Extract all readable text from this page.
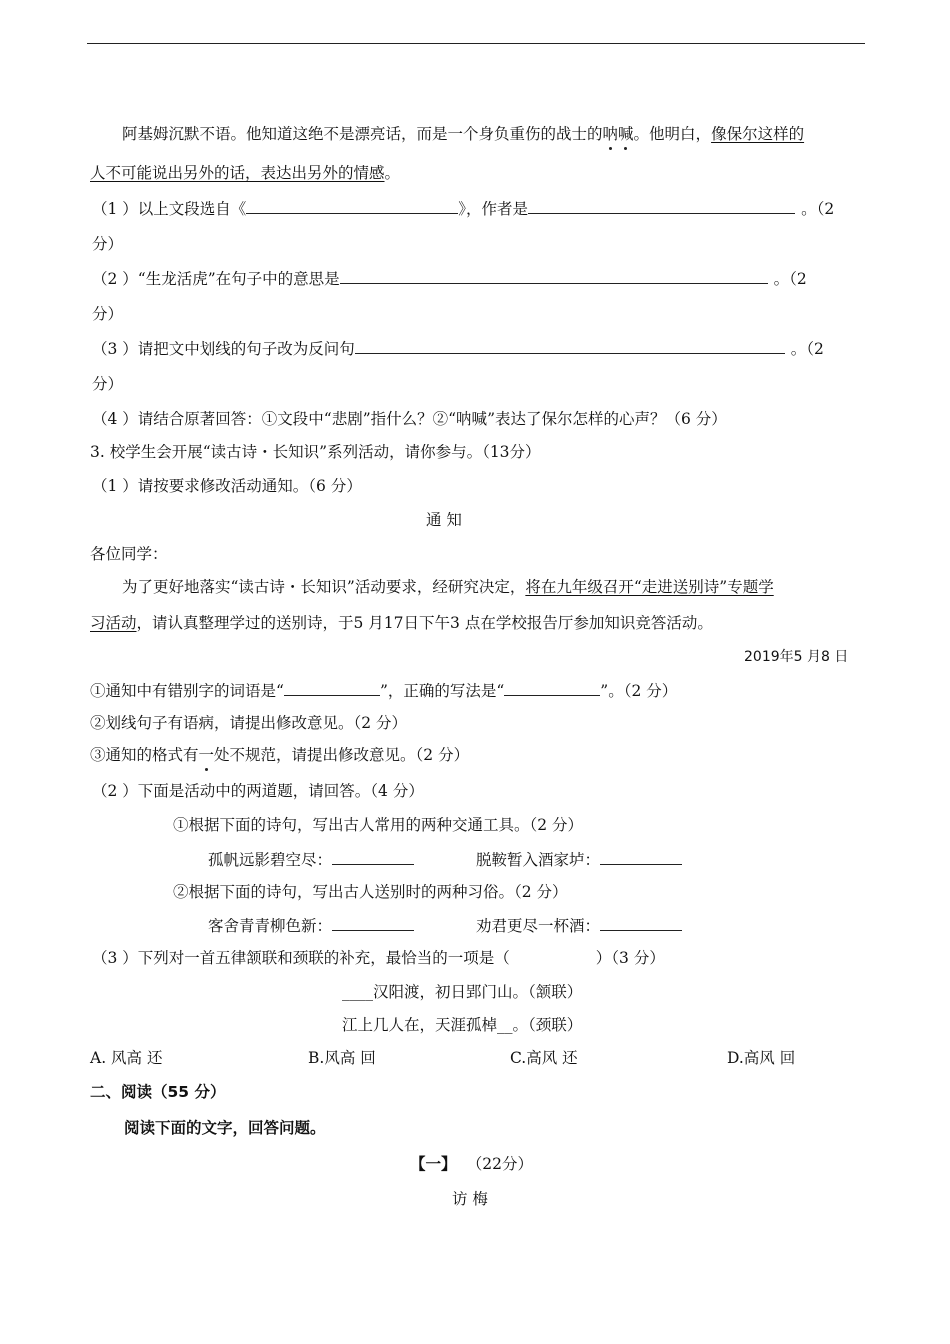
阿基姆沉默不语。他知道这绝不是漂亮话，而是一个身负重伤的战士的呐喊。他明白，像保尔这样的
人不可能说出另外的话，表达出另外的情感。
（1 ）以上文段选自《	》，作者是	。（2
分）
（2 ）“生龙活虎”在句子中的意思是	。（2
分）
（3 ）请把文中划线的句子改为反问句	。（2
分）
（4 ）请结合原著回答：①文段中“悲剧”指什么？②“呐喊”表达了保尔怎样的心声？（6 分）
3. 校学生会开展“读古诗・长知识”系列活动，请你参与。（13分）
（1 ）请按要求修改活动通知。（6 分）
通 知
各位同学：
为了更好地落实“读古诗・长知识”活动要求，经研究决定，将在九年级召开“走进送别诗”专题学
习活动，请认真整理学过的送别诗，于5 月17日下午3 点在学校报告厅参加知识竞答活动。
2019年5 月8 日
①通知中有错别字的词语是“	”，正确的写法是“	”。（2 分）
②划线句子有语病，请提出修改意见。（2 分）
③通知的格式有一处不规范，请提出修改意见。（2 分）
（2 ）下面是活动中的两道题，请回答。（4 分）
①根据下面的诗句，写出古人常用的两种交通工具。（2 分）
孤帆远影碧空尽：	脱鞍暂入酒家垆：
②根据下面的诗句，写出古人送别时的两种习俗。（2 分）
客舍青青柳色新：	劝君更尽一杯酒：
（3 ）下列对一首五律颔联和颈联的补充，最恰当的一项是（	）（3 分）
____汉阳渡，初日郢门山。（颔联）
江上几人在，天涯孤棹__。（颈联）
A. 风高 还	B.风高 回	C.高风 还	D.高风 回
二、阅读（55 分）
阅读下面的文字，回答问题。
【一】 （22分）
访 梅
